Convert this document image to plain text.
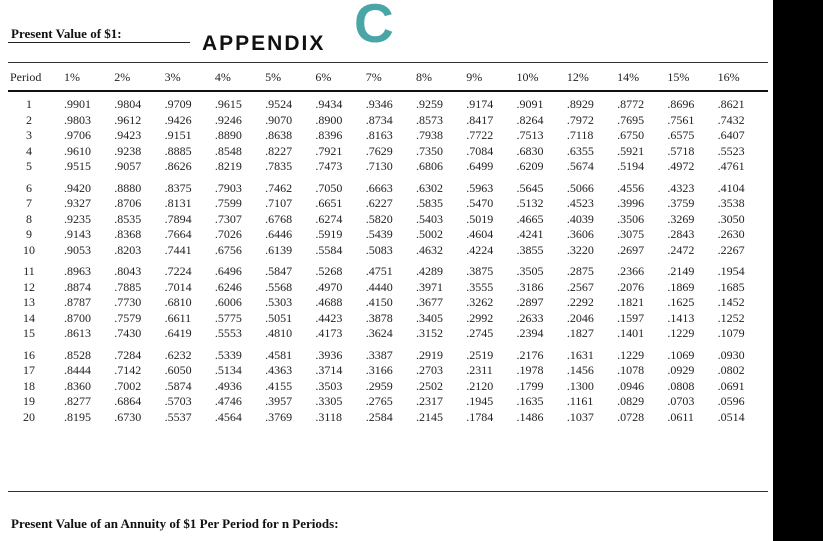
Present Value of $1:	APPENDIX C
Period	1%	2%	3%	4%	5%	6%	7%	8%	9%	10%	12%	14%	15%	16%
1	.9901	.9804	.9709	.9615	.9524	.9434	.9346	.9259	.9174	.9091	.8929	.8772	.8696	.8621
2	.9803	.9612	.9426	.9246	.9070	.8900	.8734	.8573	.8417	.8264	.7972	.7695	.7561	.7432
3	.9706	.9423	.9151	.8890	.8638	.8396	.8163	.7938	.7722	.7513	.7118	.6750	.6575	.6407
4	.9610	.9238	.8885	.8548	.8227	.7921	.7629	.7350	.7084	.6830	.6355	.5921	.5718	.5523
5	.9515	.9057	.8626	.8219	.7835	.7473	.7130	.6806	.6499	.6209	.5674	.5194	.4972	.4761
6	.9420	.8880	.8375	.7903	.7462	.7050	.6663	.6302	.5963	.5645	.5066	.4556	.4323	.4104
7	.9327	.8706	.8131	.7599	.7107	.6651	.6227	.5835	.5470	.5132	.4523	.3996	.3759	.3538
8	.9235	.8535	.7894	.7307	.6768	.6274	.5820	.5403	.5019	.4665	.4039	.3506	.3269	.3050
9	.9143	.8368	.7664	.7026	.6446	.5919	.5439	.5002	.4604	.4241	.3606	.3075	.2843	.2630
10	.9053	.8203	.7441	.6756	.6139	.5584	.5083	.4632	.4224	.3855	.3220	.2697	.2472	.2267
11	.8963	.8043	.7224	.6496	.5847	.5268	.4751	.4289	.3875	.3505	.2875	.2366	.2149	.1954
12	.8874	.7885	.7014	.6246	.5568	.4970	.4440	.3971	.3555	.3186	.2567	.2076	.1869	.1685
13	.8787	.7730	.6810	.6006	.5303	.4688	.4150	.3677	.3262	.2897	.2292	.1821	.1625	.1452
14	.8700	.7579	.6611	.5775	.5051	.4423	.3878	.3405	.2992	.2633	.2046	.1597	.1413	.1252
15	.8613	.7430	.6419	.5553	.4810	.4173	.3624	.3152	.2745	.2394	.1827	.1401	.1229	.1079
16	.8528	.7284	.6232	.5339	.4581	.3936	.3387	.2919	.2519	.2176	.1631	.1229	.1069	.0930
17	.8444	.7142	.6050	.5134	.4363	.3714	.3166	.2703	.2311	.1978	.1456	.1078	.0929	.0802
18	.8360	.7002	.5874	.4936	.4155	.3503	.2959	.2502	.2120	.1799	.1300	.0946	.0808	.0691
19	.8277	.6864	.5703	.4746	.3957	.3305	.2765	.2317	.1945	.1635	.1161	.0829	.0703	.0596
20	.8195	.6730	.5537	.4564	.3769	.3118	.2584	.2145	.1784	.1486	.1037	.0728	.0611	.0514
Present Value of an Annuity of $1 Per Period for n Periods:
